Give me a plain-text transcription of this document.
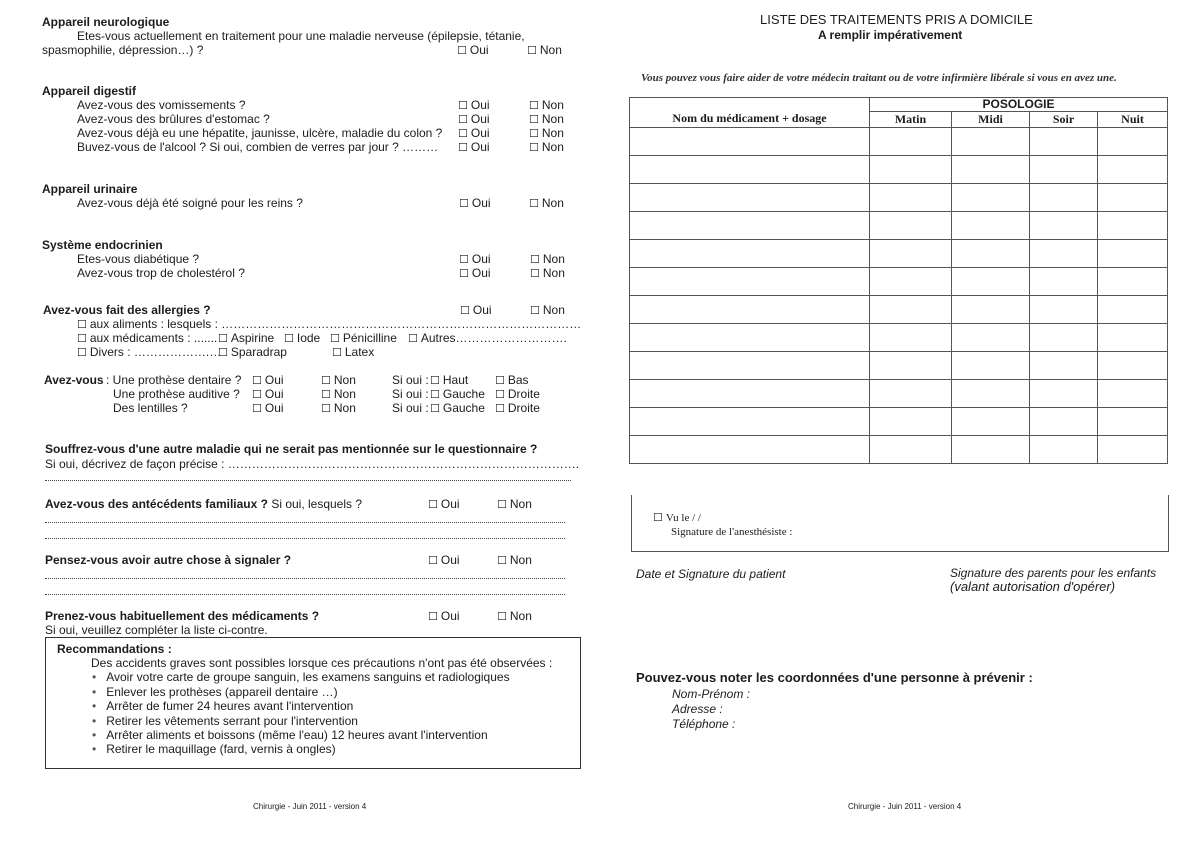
Appareil neurologique
Etes-vous actuellement en traitement pour une maladie nerveuse (épilepsie, tétanie,
spasmophilie, dépression…) ?	☐ Oui	☐ Non
Appareil digestif
Avez-vous des vomissements ?	☐ Oui	☐ Non
Avez-vous des brûlures d'estomac ?	☐ Oui	☐ Non
Avez-vous déjà eu une hépatite, jaunisse, ulcère, maladie du colon ?	☐ Oui	☐ Non
Buvez-vous de l'alcool ? Si oui, combien de verres par jour ? ………	☐ Oui	☐ Non
Appareil urinaire
Avez-vous déjà été soigné pour les reins ?	☐ Oui	☐ Non
Système endocrinien
Etes-vous diabétique ?	☐ Oui	☐ Non
Avez-vous trop de cholestérol ?	☐ Oui	☐ Non
Avez-vous fait des allergies ?	☐ Oui	☐ Non
☐ aux aliments : lesquels : ………………………………………………………………………………
☐ aux médicaments : .......	☐ Aspirine	☐ Iode	☐ Pénicilline	☐ Autres……………………….
☐ Divers : ……………….… ☐ Sparadrap	☐ Latex
Avez-vous : Une prothèse dentaire ?	☐ Oui	☐ Non	Si oui :	☐ Haut	☐ Bas
Une prothèse auditive ?	☐ Oui	☐ Non	Si oui :	☐ Gauche	☐ Droite
Des lentilles ?	☐ Oui	☐ Non	Si oui :	☐ Gauche	☐ Droite
Souffrez-vous d'une autre maladie qui ne serait pas mentionnée sur le questionnaire ?
Si oui, décrivez de façon précise : …………………………………………………………………………….
Avez-vous des antécédents familiaux ? Si oui, lesquels ?	☐ Oui	☐ Non
Pensez-vous avoir autre chose à signaler ?	☐ Oui	☐ Non
Prenez-vous habituellement des médicaments ?	☐ Oui	☐ Non
Si oui, veuillez compléter la liste ci-contre.
Recommandations :
Des accidents graves sont possibles lorsque ces précautions n'ont pas été observées :
• Avoir votre carte de groupe sanguin, les examens sanguins et radiologiques
• Enlever les prothèses (appareil dentaire …)
• Arrêter de fumer 24 heures avant l'intervention
• Retirer les vêtements serrant pour l'intervention
• Arrêter aliments et boissons (même l'eau) 12 heures avant l'intervention
• Retirer le maquillage (fard, vernis à ongles)
Chirurgie - Juin 2011 - version 4
LISTE DES TRAITEMENTS PRIS A DOMICILE
A remplir impérativement
Vous pouvez vous faire aider de votre médecin traitant ou de votre infirmière libérale si vous en avez une.
Nom du médicament + dosage	POSOLOGIE			
	Matin	Midi	Soir	Nuit

☐ Vu le / /
Signature de l'anesthésiste :
Date et Signature du patient	Signature des parents pour les enfants
(valant autorisation d'opérer)
Pouvez-vous noter les coordonnées d'une personne à prévenir :
Nom-Prénom :
Adresse :
Téléphone :
Chirurgie - Juin 2011 - version 4
